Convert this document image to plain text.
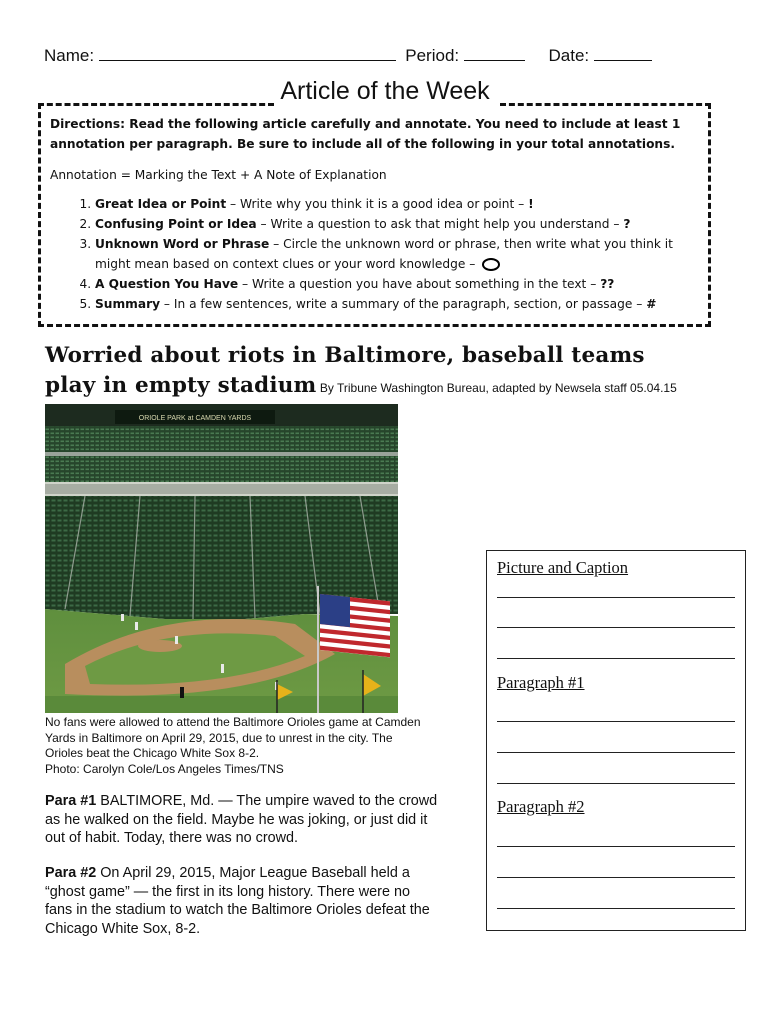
Name:	Period:	Date:
Article of the Week
Directions: Read the following article carefully and annotate. You need to include at least 1 annotation per paragraph. Be sure to include all of the following in your total annotations.
Annotation = Marking the Text + A Note of Explanation
1. Great Idea or Point – Write why you think it is a good idea or point – !
2. Confusing Point or Idea – Write a question to ask that might help you understand – ?
3. Unknown Word or Phrase – Circle the unknown word or phrase, then write what you think it might mean based on context clues or your word knowledge –
4. A Question You Have – Write a question you have about something in the text – ??
5. Summary – In a few sentences, write a summary of the paragraph, section, or passage – #
Worried about riots in Baltimore, baseball teams
play in empty stadium By Tribune Washington Bureau, adapted by Newsela staff 05.04.15
ORIOLE PARK at CAMDEN YARDS
No fans were allowed to attend the Baltimore Orioles game at Camden Yards in Baltimore on April 29, 2015, due to unrest in the city. The Orioles beat the Chicago White Sox 8-2.
Photo: Carolyn Cole/Los Angeles Times/TNS
Para #1 BALTIMORE, Md. — The umpire waved to the crowd as he walked on the field. Maybe he was joking, or just did it out of habit. Today, there was no crowd.
Para #2 On April 29, 2015, Major League Baseball held a “ghost game” — the first in its long history. There were no fans in the stadium to watch the Baltimore Orioles defeat the Chicago White Sox, 8-2.
Picture and Caption
Paragraph #1
Paragraph #2
